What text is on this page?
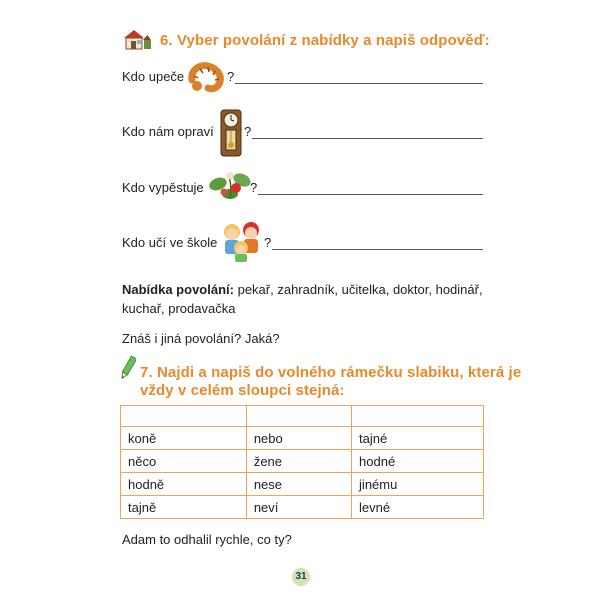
6. Vyber povolání z nabídky a napiš odpověď:
Kdo upeče	?
Kdo nám opraví ?
Kdo vypěstuje	?
Kdo učí ve škole	?
Nabídka povolání: pekař, zahradník, učitelka, doktor, hodinář,
kuchař, prodavačka
Znáš i jiná povolání? Jaká?
7. Najdi a napiš do volného rámečku slabiku, která je
vždy v celém sloupci stejná:

koně	nebo	tajné
něco	žene	hodné
hodně	nese	jinému
tajně	neví	levné
Adam to odhalil rychle, co ty?
31
